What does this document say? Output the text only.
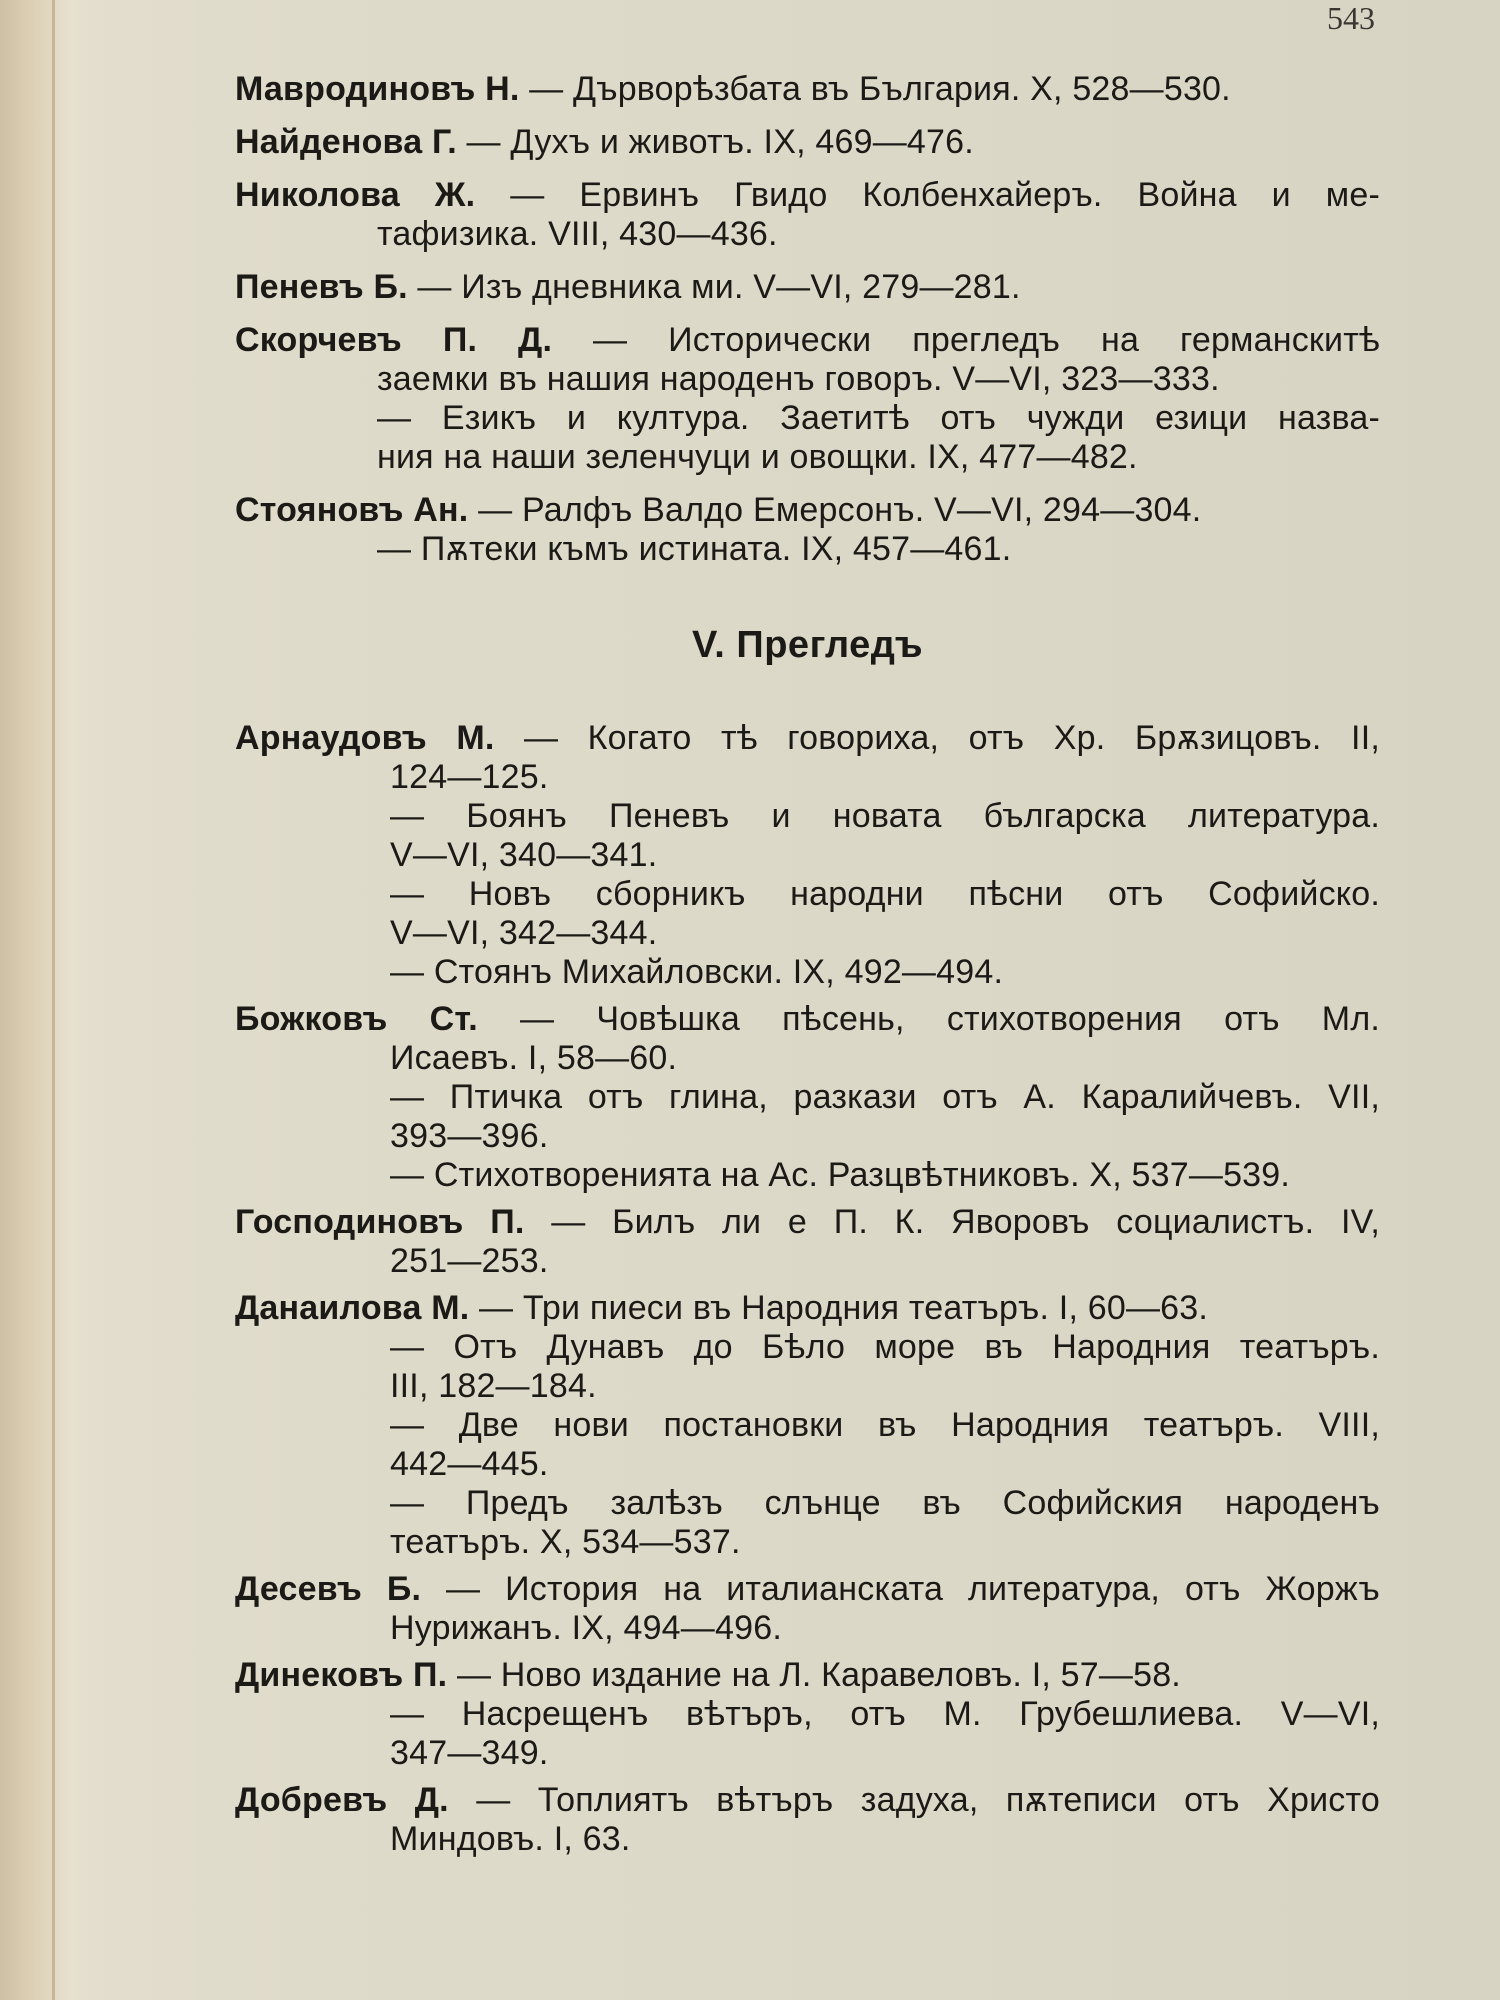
543
Мавродиновъ Н. — Дърворѣзбата въ България. X, 528—530.
Найденова Г. — Духъ и животъ. IX, 469—476.
Николова Ж. — Ервинъ Гвидо Колбенхайеръ. Война и ме-
тафизика. VIII, 430—436.
Пеневъ Б. — Изъ дневника ми. V—VI, 279—281.
Скорчевъ П. Д. — Исторически прегледъ на германскитѣ
заемки въ нашия народенъ говоръ. V—VI, 323—333.
— Езикъ и култура. Заетитѣ отъ чужди езици назва-
ния на наши зеленчуци и овощки. IX, 477—482.
Стояновъ Ан. — Ралфъ Валдо Емерсонъ. V—VI, 294—304.
— Пѫтеки къмъ истината. IX, 457—461.
V. Прегледъ
Арнаудовъ М. — Когато тѣ говориха, отъ Хр. Брѫзицовъ. II,
124—125.
— Боянъ Пеневъ и новата българска литература.
V—VI, 340—341.
— Новъ сборникъ народни пѣсни отъ Софийско.
V—VI, 342—344.
— Стоянъ Михайловски. IX, 492—494.
Божковъ Ст. — Човѣшка пѣсень, стихотворения отъ Мл.
Исаевъ. I, 58—60.
— Птичка отъ глина, разкази отъ А. Каралийчевъ. VII,
393—396.
— Стихотворенията на Ас. Разцвѣтниковъ. X, 537—539.
Господиновъ П. — Билъ ли е П. К. Яворовъ социалистъ. IV,
251—253.
Данаилова М. — Три пиеси въ Народния театъръ. I, 60—63.
— Отъ Дунавъ до Бѣло море въ Народния театъръ.
III, 182—184.
— Две нови постановки въ Народния театъръ. VIII,
442—445.
— Предъ залѣзъ слънце въ Софийския народенъ
театъръ. X, 534—537.
Десевъ Б. — История на италианската литература, отъ Жоржъ
Нурижанъ. IX, 494—496.
Динековъ П. — Ново издание на Л. Каравеловъ. I, 57—58.
— Насрещенъ вѣтъръ, отъ М. Грубешлиева. V—VI,
347—349.
Добревъ Д. — Топлиятъ вѣтъръ задуха, пѫтеписи отъ Христо
Миндовъ. I, 63.
